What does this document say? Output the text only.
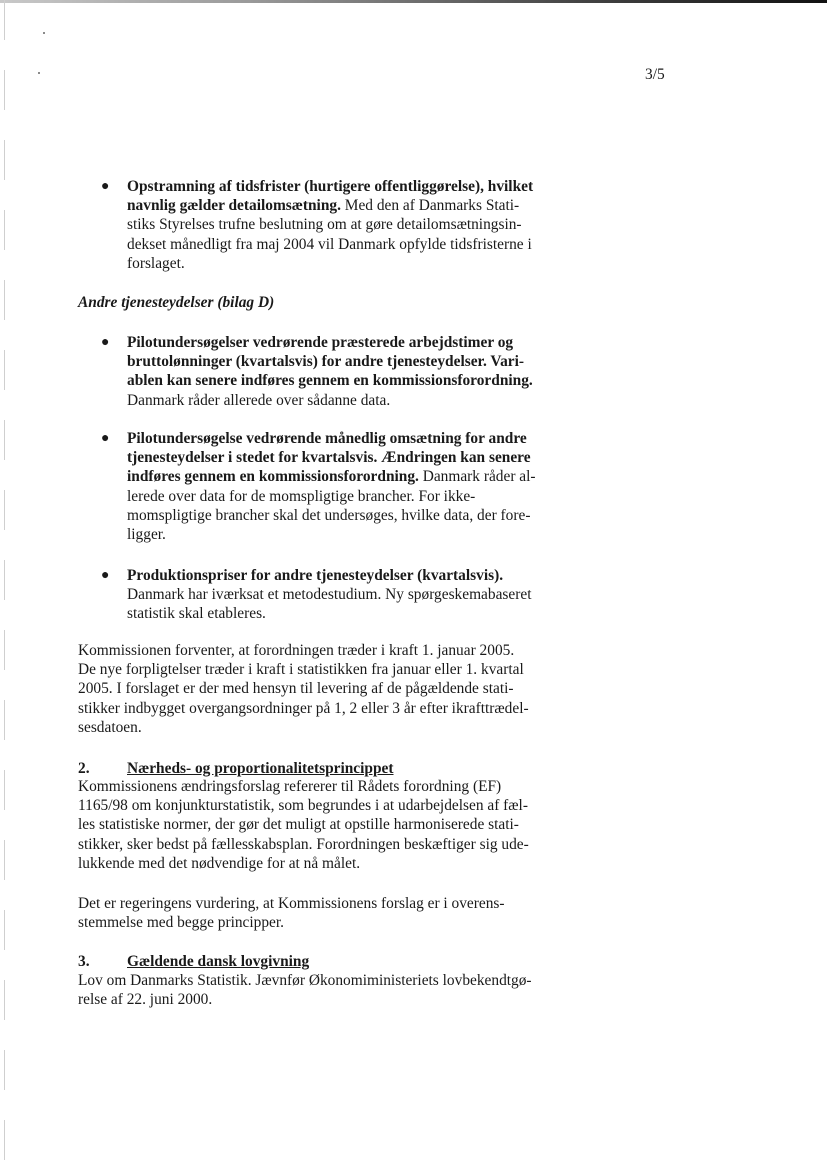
3/5
● Opstramning af tidsfrister (hurtigere offentliggørelse), hvilket
navnlig gælder detailomsætning. Med den af Danmarks Stati-
stiks Styrelses trufne beslutning om at gøre detailomsætningsin-
dekset månedligt fra maj 2004 vil Danmark opfylde tidsfristerne i
forslaget.
Andre tjenesteydelser (bilag D)
● Pilotundersøgelser vedrørende præsterede arbejdstimer og
bruttolønninger (kvartalsvis) for andre tjenesteydelser. Vari-
ablen kan senere indføres gennem en kommissionsforordning.
Danmark råder allerede over sådanne data.
● Pilotundersøgelse vedrørende månedlig omsætning for andre
tjenesteydelser i stedet for kvartalsvis. Ændringen kan senere
indføres gennem en kommissionsforordning. Danmark råder al-
lerede over data for de momspligtige brancher. For ikke-
momspligtige brancher skal det undersøges, hvilke data, der fore-
ligger.
● Produktionspriser for andre tjenesteydelser (kvartalsvis).
Danmark har iværksat et metodestudium. Ny spørgeskemabaseret
statistik skal etableres.
Kommissionen forventer, at forordningen træder i kraft 1. januar 2005.
De nye forpligtelser træder i kraft i statistikken fra januar eller 1. kvartal
2005. I forslaget er der med hensyn til levering af de pågældende stati-
stikker indbygget overgangsordninger på 1, 2 eller 3 år efter ikrafttrædel-
sesdatoen.
2. Nærheds- og proportionalitetsprincippet
Kommissionens ændringsforslag refererer til Rådets forordning (EF)
1165/98 om konjunkturstatistik, som begrundes i at udarbejdelsen af fæl-
les statistiske normer, der gør det muligt at opstille harmoniserede stati-
stikker, sker bedst på fællesskabsplan. Forordningen beskæftiger sig ude-
lukkende med det nødvendige for at nå målet.
Det er regeringens vurdering, at Kommissionens forslag er i overens-
stemmelse med begge principper.
3. Gældende dansk lovgivning
Lov om Danmarks Statistik. Jævnfør Økonomiministeriets lovbekendtgø-
relse af 22. juni 2000.
